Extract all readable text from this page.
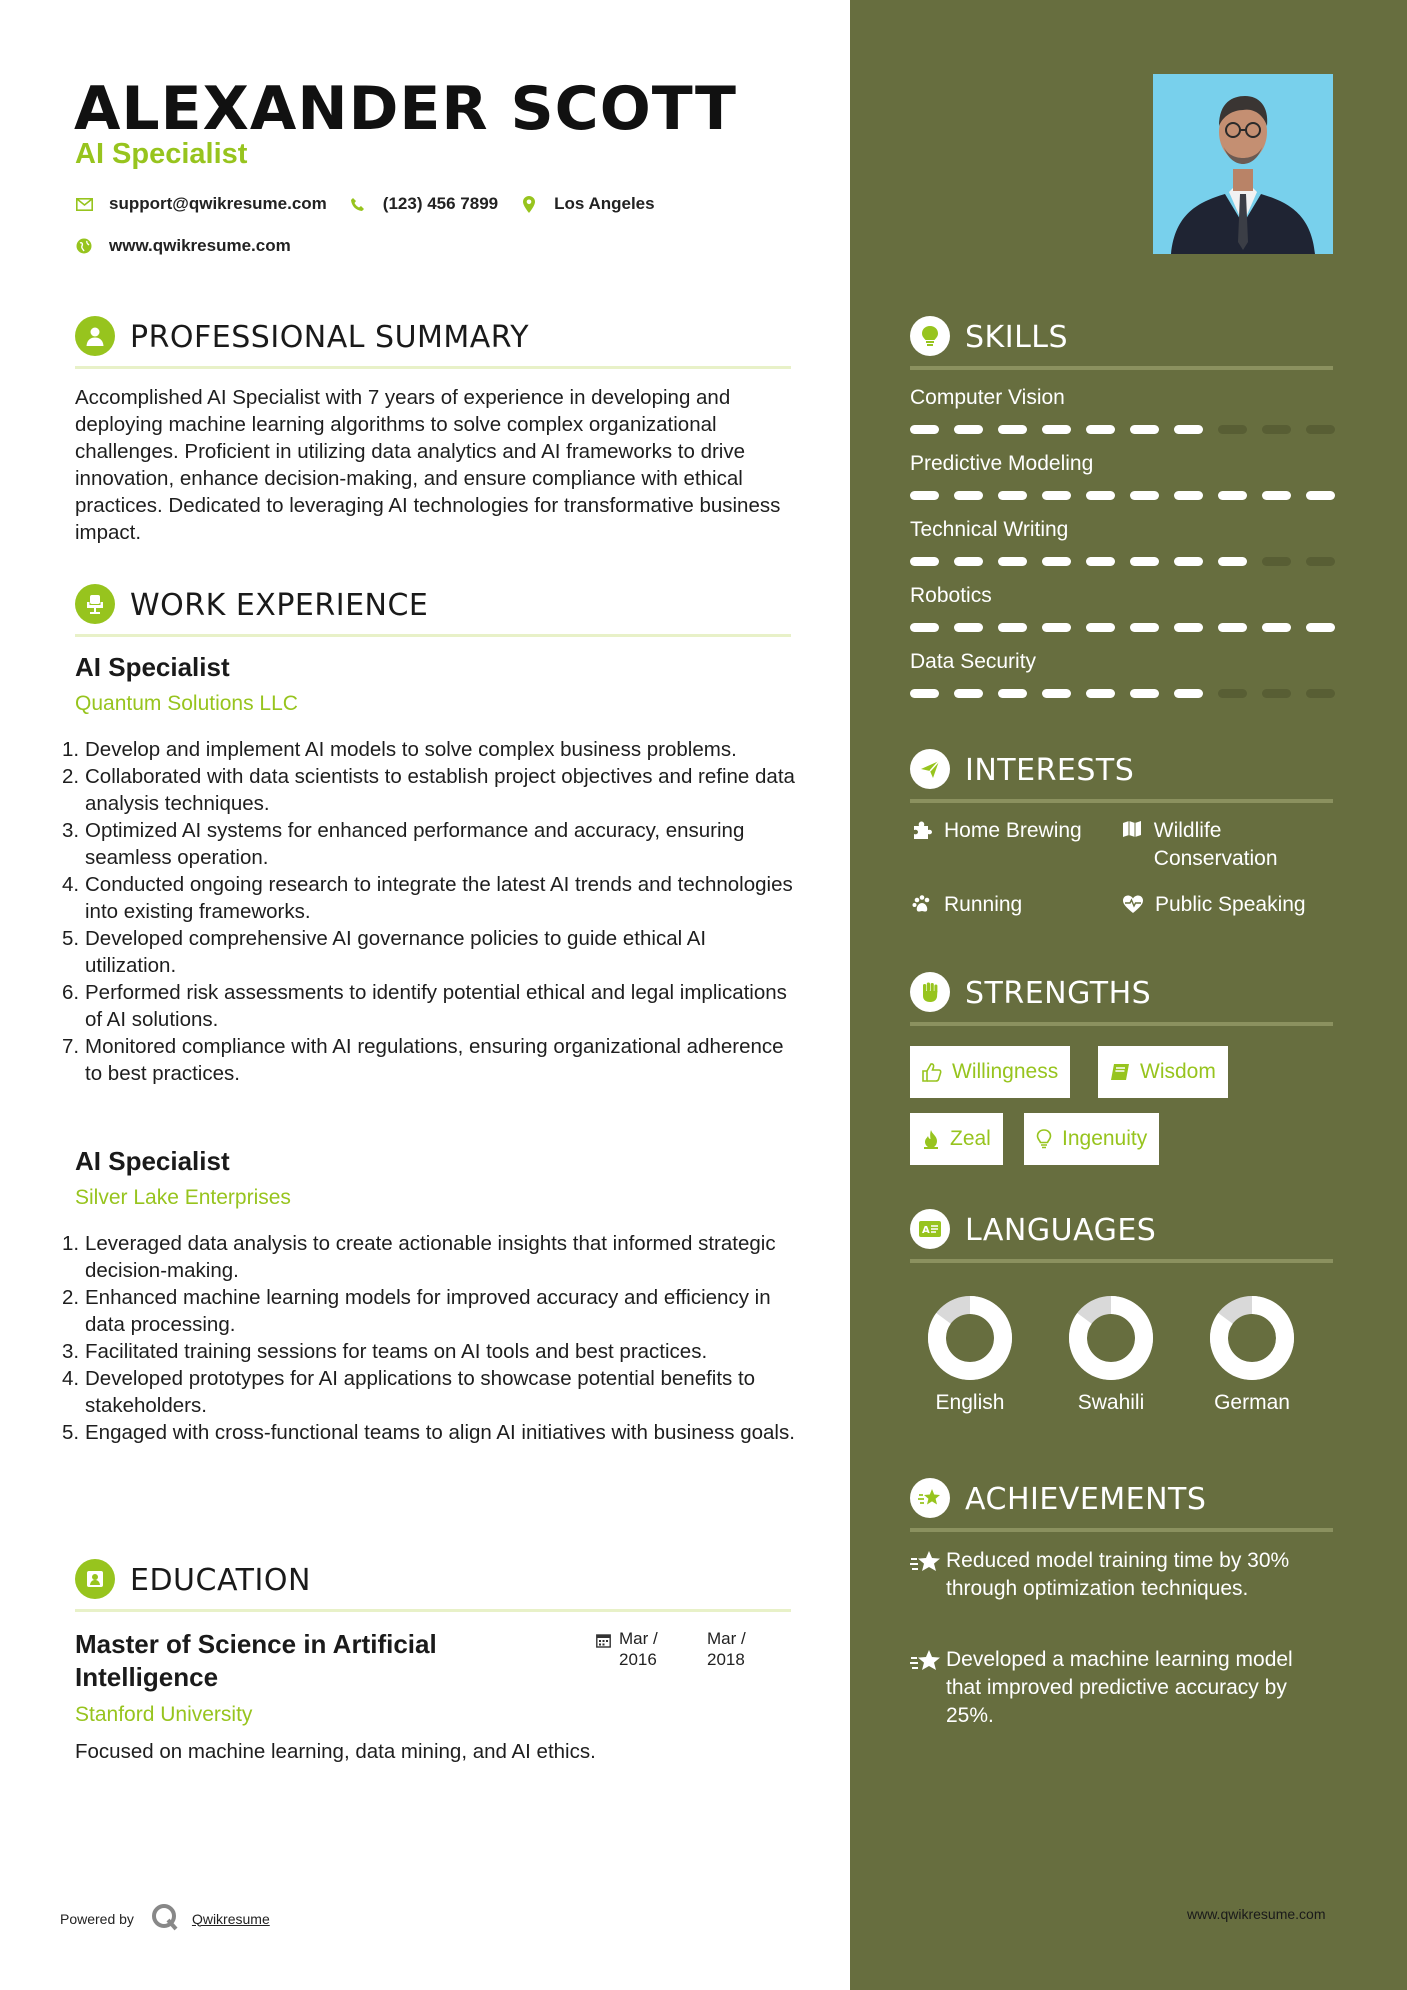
ALEXANDER SCOTT
AI Specialist
support@qwikresume.com	(123) 456 7899	Los Angeles
www.qwikresume.com
PROFESSIONAL SUMMARY
Accomplished AI Specialist with 7 years of experience in developing and deploying machine learning algorithms to solve complex organizational challenges. Proficient in utilizing data analytics and AI frameworks to drive innovation, enhance decision-making, and ensure compliance with ethical practices. Dedicated to leveraging AI technologies for transformative business impact.
WORK EXPERIENCE
AI Specialist
Quantum Solutions LLC
1. Develop and implement AI models to solve complex business problems.
2. Collaborated with data scientists to establish project objectives and refine data analysis techniques.
3. Optimized AI systems for enhanced performance and accuracy, ensuring seamless operation.
4. Conducted ongoing research to integrate the latest AI trends and technologies into existing frameworks.
5. Developed comprehensive AI governance policies to guide ethical AI utilization.
6. Performed risk assessments to identify potential ethical and legal implications of AI solutions.
7. Monitored compliance with AI regulations, ensuring organizational adherence to best practices.
AI Specialist
Silver Lake Enterprises
1. Leveraged data analysis to create actionable insights that informed strategic decision-making.
2. Enhanced machine learning models for improved accuracy and efficiency in data processing.
3. Facilitated training sessions for teams on AI tools and best practices.
4. Developed prototypes for AI applications to showcase potential benefits to stakeholders.
5. Engaged with cross-functional teams to align AI initiatives with business goals.
EDUCATION
Master of Science in Artificial Intelligence
Mar / 2016
Mar / 2018
Stanford University
Focused on machine learning, data mining, and AI ethics.
Powered by	Qwikresume
SKILLS
Computer Vision
Predictive Modeling
Technical Writing
Robotics
Data Security
INTERESTS
Home Brewing	Wildlife Conservation
Running	Public Speaking
STRENGTHS
Willingness	Wisdom
Zeal	Ingenuity
A LANGUAGES
English	Swahili	German
ACHIEVEMENTS
Reduced model training time by 30% through optimization techniques.
Developed a machine learning model that improved predictive accuracy by 25%.
www.qwikresume.com
